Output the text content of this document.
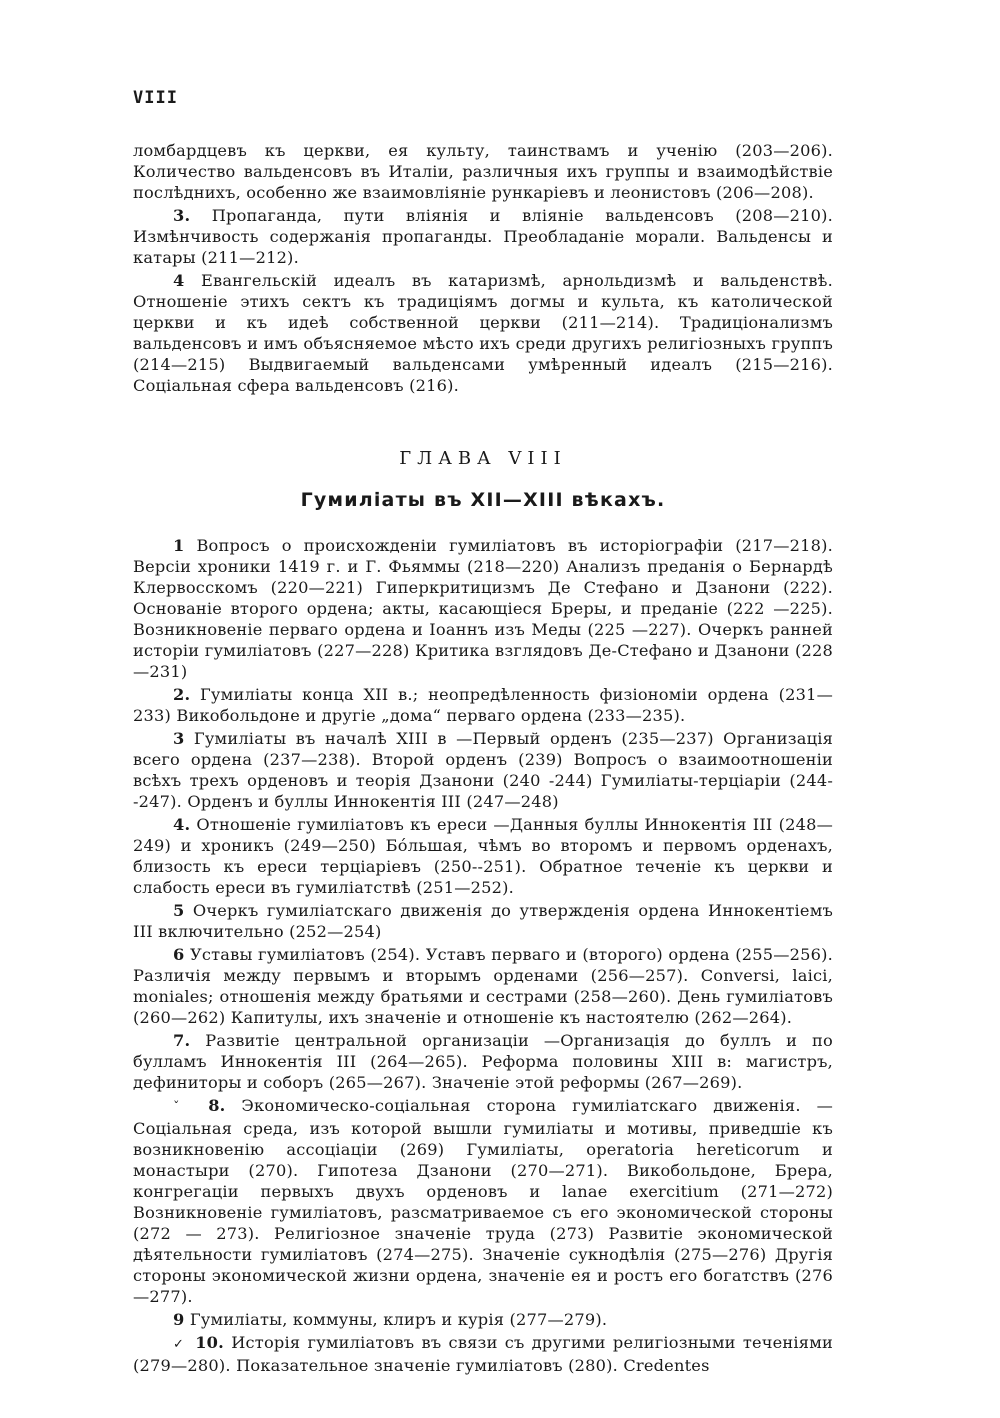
VIII

ломбардцевъ къ церкви, ея культу, таинствамъ и ученію (203—206). Количество вальденсовъ въ Италіи, различныя ихъ группы и взаимодѣйствіе послѣднихъ, особенно же взаимовліяніе рункаріевъ и леонистовъ (206—208).

3. Пропаганда, пути вліянія и вліяніе вальденсовъ (208—210). Измѣнчивость содержанія пропаганды. Преобладаніе морали. Вальденсы и катары (211—212).

4 Евангельскій идеалъ въ катаризмѣ, арнольдизмѣ и вальденствѣ. Отношеніе этихъ сектъ къ традиціямъ догмы и культа, къ католической церкви и къ идеѣ собственной церкви (211—214). Традиціонализмъ вальденсовъ и имъ объясняемое мѣсто ихъ среди другихъ религіозныхъ группъ (214—215) Выдвигаемый вальденсами умѣренный идеалъ (215—216). Соціальная сфера вальденсовъ (216).

ГЛАВА VIII
Гумиліаты въ XII—XIII вѣкахъ.

1 Вопросъ о происхожденіи гумиліатовъ въ исторіографіи (217—218). Версіи хроники 1419 г. и Г. Фьяммы (218—220) Анализъ преданія о Бернардѣ Клервосскомъ (220—221) Гиперкритицизмъ Де Стефано и Дзанони (222). Основаніе второго ордена; акты, касающіеся Бреры, и преданіе (222 —225). Возникновеніе перваго ордена и Іоаннъ изъ Меды (225 —227). Очеркъ ранней исторіи гумиліатовъ (227—228) Критика взглядовъ Де-Стефано и Дзанони (228—231)

2. Гумиліаты конца XII в.; неопредѣленность физіономіи ордена (231—233) Викобольдоне и другіе „дома“ перваго ордена (233—235).

3 Гумиліаты въ началѣ XIII в —Первый орденъ (235—237) Организація всего ордена (237—238). Второй орденъ (239) Вопросъ о взаимоотношеніи всѣхъ трехъ орденовъ и теорія Дзанони (240 -244) Гумиліаты-терціаріи (244--247). Орденъ и буллы Иннокентія III (247—248)

4. Отношеніе гумиліатовъ къ ереси —Данныя буллы Иннокентія III (248—249) и хроникъ (249—250) Бóльшая, чѣмъ во второмъ и первомъ орденахъ, близость къ ереси терціаріевъ (250--251). Обратное теченіе къ церкви и слабость ереси въ гумиліатствѣ (251—252).

5 Очеркъ гумиліатскаго движенія до утвержденія ордена Иннокентіемъ III включительно (252—254)

6 Уставы гумиліатовъ (254). Уставъ перваго и (второго) ордена (255—256). Различія между первымъ и вторымъ орденами (256—257). Conversi, laici, moniales; отношенія между братьями и сестрами (258—260). День гумиліатовъ (260—262) Капитулы, ихъ значеніе и отношеніе къ настоятелю (262—264).

7. Развитіе центральной организаціи —Организація до буллъ и по булламъ Иннокентія III (264—265). Реформа половины XIII в: магистръ, дефиниторы и соборъ (265—267). Значеніе этой реформы (267—269).

ˇ 8. Экономическо-соціальная сторона гумиліатскаго движенія. —Соціальная среда, изъ которой вышли гумиліаты и мотивы, приведшіе къ возникновенію ассоціаціи (269) Гумиліаты, operatoria hereticorum и монастыри (270). Гипотеза Дзанони (270—271). Викобольдоне, Брера, конгрегаціи первыхъ двухъ орденовъ и lanae exercitium (271—272) Возникновеніе гумиліатовъ, разсматриваемое съ его экономической стороны (272 — 273). Религіозное значеніе труда (273) Развитіе экономической дѣятельности гумиліатовъ (274—275). Значеніе сукнодѣлія (275—276) Другія стороны экономической жизни ордена, значеніе ея и ростъ его богатствъ (276—277).

9 Гумиліаты, коммуны, клиръ и курія (277—279).

✓ 10. Исторія гумиліатовъ въ связи съ другими религіозными теченіями (279—280). Показательное значеніе гумиліатовъ (280). Credentes
